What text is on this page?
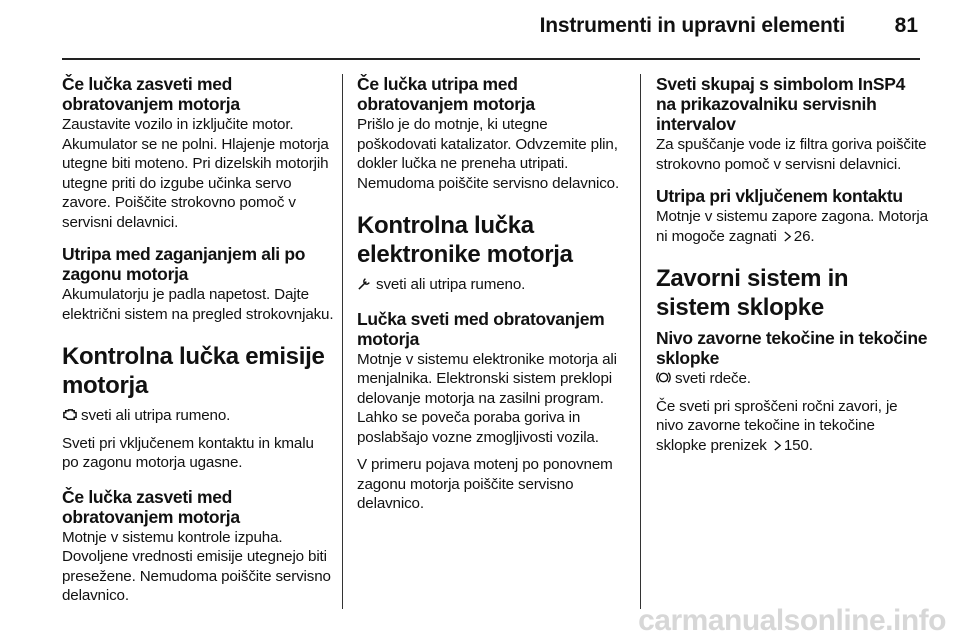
Instrumenti in upravni elementi 81
Če lučka zasveti med obratovanjem motorja

Zaustavite vozilo in izključite motor. Akumulator se ne polni. Hlajenje motorja utegne biti moteno. Pri dizelskih motorjih utegne priti do izgube učinka servo zavore. Poiščite strokovno pomoč v servisni delavnici.

Utripa med zaganjanjem ali po zagonu motorja

Akumulatorju je padla napetost. Dajte električni sistem na pregled strokovnjaku.

Kontrolna lučka emisije motorja

sveti ali utripa rumeno.

Sveti pri vključenem kontaktu in kmalu po zagonu motorja ugasne.

Če lučka zasveti med obratovanjem motorja

Motnje v sistemu kontrole izpuha. Dovoljene vrednosti emisije utegnejo biti presežene. Nemudoma poiščite servisno delavnico.

Če lučka utripa med obratovanjem motorja

Prišlo je do motnje, ki utegne poškodovati katalizator. Odvzemite plin, dokler lučka ne preneha utripati. Nemudoma poiščite servisno delavnico.

Kontrolna lučka elektronike motorja

sveti ali utripa rumeno.

Lučka sveti med obratovanjem motorja

Motnje v sistemu elektronike motorja ali menjalnika. Elektronski sistem preklopi delovanje motorja na zasilni program. Lahko se poveča poraba goriva in poslabšajo vozne zmogljivosti vozila.

V primeru pojava motenj po ponovnem zagonu motorja poiščite servisno delavnico.

Sveti skupaj s simbolom InSP4 na prikazovalniku servisnih intervalov

Za spuščanje vode iz filtra goriva poiščite strokovno pomoč v servisni delavnici.

Utripa pri vključenem kontaktu

Motnje v sistemu zapore zagona. Motorja ni mogoče zagnati 26.

Zavorni sistem in sistem sklopke
Nivo zavorne tekočine in tekočine sklopke

sveti rdeče.

Če sveti pri sproščeni ročni zavori, je nivo zavorne tekočine in tekočine sklopke prenizek 150.

carmanualsonline.info
